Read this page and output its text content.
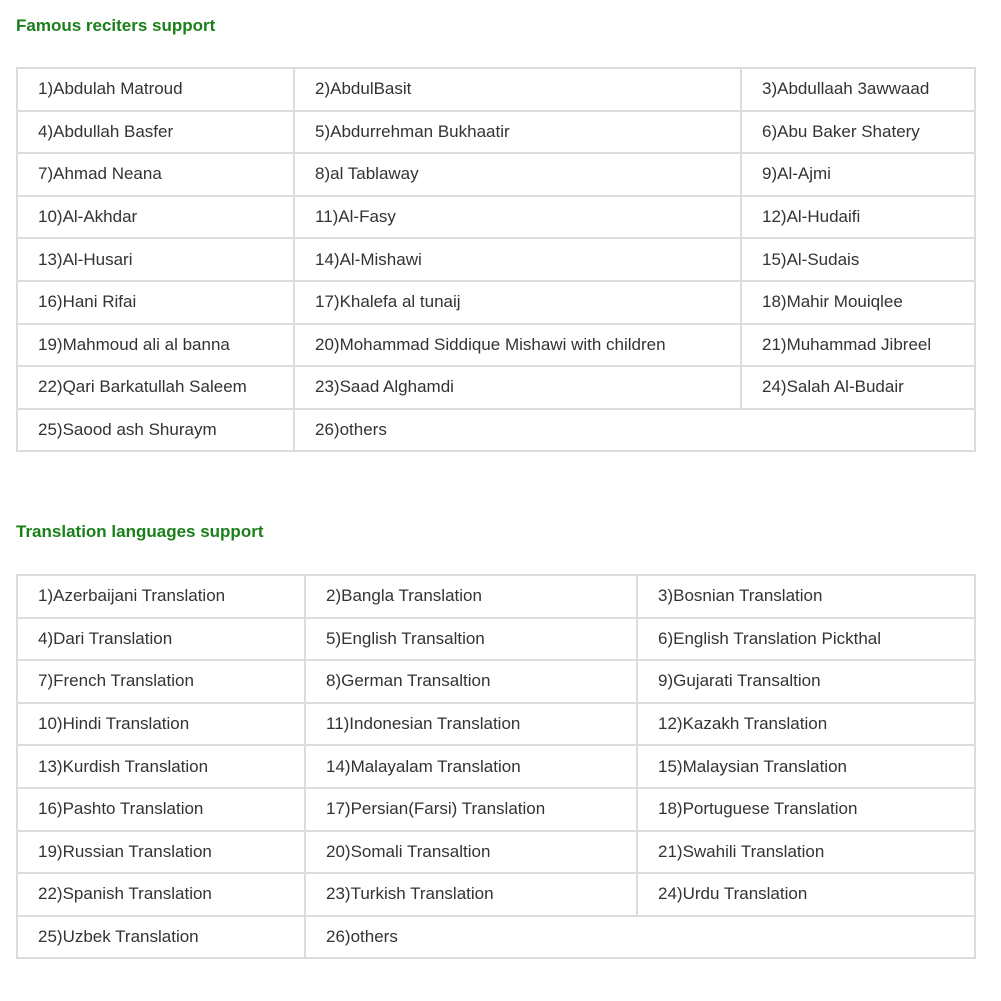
Famous reciters support
1)Abdulah Matroud	2)AbdulBasit	3)Abdullaah 3awwaad
4)Abdullah Basfer	5)Abdurrehman Bukhaatir	6)Abu Baker Shatery
7)Ahmad Neana	8)al Tablaway	9)Al-Ajmi
10)Al-Akhdar	11)Al-Fasy	12)Al-Hudaifi
13)Al-Husari	14)Al-Mishawi	15)Al-Sudais
16)Hani Rifai	17)Khalefa al tunaij	18)Mahir Mouiqlee
19)Mahmoud ali al banna	20)Mohammad Siddique Mishawi with children	21)Muhammad Jibreel
22)Qari Barkatullah Saleem	23)Saad Alghamdi	24)Salah Al-Budair
25)Saood ash Shuraym	26)others	
Translation languages support
1)Azerbaijani Translation	2)Bangla Translation	3)Bosnian Translation
4)Dari Translation	5)English Transaltion	6)English Translation Pickthal
7)French Translation	8)German Transaltion	9)Gujarati Transaltion
10)Hindi Translation	11)Indonesian Translation	12)Kazakh Translation
13)Kurdish Translation	14)Malayalam Translation	15)Malaysian Translation
16)Pashto Translation	17)Persian(Farsi) Translation	18)Portuguese Translation
19)Russian Translation	20)Somali Transaltion	21)Swahili Translation
22)Spanish Translation	23)Turkish Translation	24)Urdu Translation
25)Uzbek Translation	26)others	
